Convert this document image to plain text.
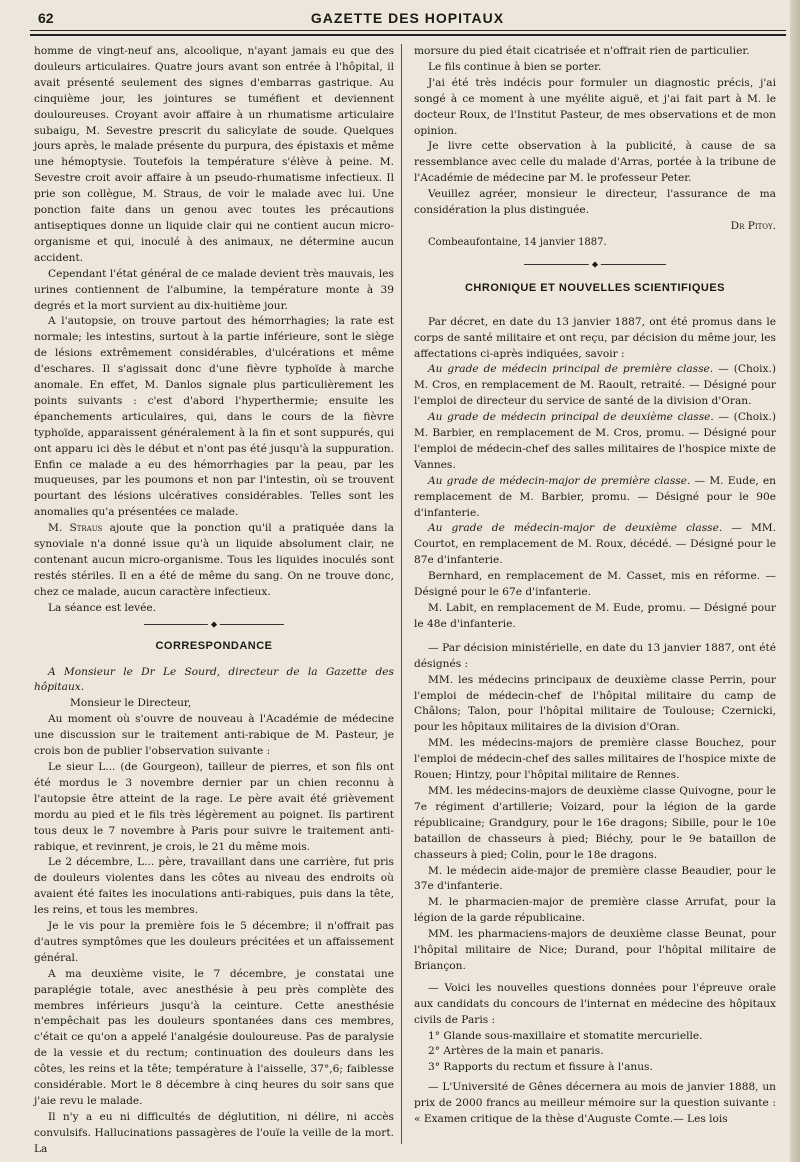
62	GAZETTE DES HOPITAUX

homme de vingt-neuf ans, alcoolique, n'ayant jamais eu que des douleurs articulaires. Quatre jours avant son entrée à l'hôpital, il avait présenté seulement des signes d'embarras gastrique. Au cinquième jour, les jointures se tuméfient et deviennent douloureuses. Croyant avoir affaire à un rhumatisme articulaire subaigu, M. Sevestre prescrit du salicylate de soude. Quelques jours après, le malade présente du purpura, des épistaxis et même une hémoptysie. Toutefois la température s'élève à peine. M. Sevestre croit avoir affaire à un pseudo-rhumatisme infectieux. Il prie son collègue, M. Straus, de voir le malade avec lui. Une ponction faite dans un genou avec toutes les précautions antiseptiques donne un liquide clair qui ne contient aucun micro-organisme et qui, inoculé à des animaux, ne détermine aucun accident.

Cependant l'état général de ce malade devient très mauvais, les urines contiennent de l'albumine, la température monte à 39 degrés et la mort survient au dix-huitième jour.

A l'autopsie, on trouve partout des hémorrhagies; la rate est normale; les intestins, surtout à la partie inférieure, sont le siège de lésions extrêmement considérables, d'ulcérations et même d'eschares. Il s'agissait donc d'une fièvre typhoïde à marche anomale. En effet, M. Danlos signale plus particulièrement les points suivants : c'est d'abord l'hyperthermie; ensuite les épanchements articulaires, qui, dans le cours de la fièvre typhoïde, apparaissent généralement à la fin et sont suppurés, qui ont apparu ici dès le début et n'ont pas été jusqu'à la suppuration. Enfin ce malade a eu des hémorrhagies par la peau, par les muqueuses, par les poumons et non par l'intestin, où se trouvent pourtant des lésions ulcératives considérables. Telles sont les anomalies qu'a présentées ce malade.

M. Straus ajoute que la ponction qu'il a pratiquée dans la synoviale n'a donné issue qu'à un liquide absolument clair, ne contenant aucun micro-organisme. Tous les liquides inoculés sont restés stériles. Il en a été de même du sang. On ne trouve donc, chez ce malade, aucun caractère infectieux.

La séance est levée.

⬥
CORRESPONDANCE

A Monsieur le Dr Le Sourd, directeur de la Gazette des hôpitaux.

Monsieur le Directeur,

Au moment où s'ouvre de nouveau à l'Académie de médecine une discussion sur le traitement anti-rabique de M. Pasteur, je crois bon de publier l'observation suivante :

Le sieur L... (de Gourgeon), tailleur de pierres, et son fils ont été mordus le 3 novembre dernier par un chien reconnu à l'autopsie être atteint de la rage. Le père avait été grièvement mordu au pied et le fils très légèrement au poignet. Ils partirent tous deux le 7 novembre à Paris pour suivre le traitement anti-rabique, et revinrent, je crois, le 21 du même mois.

Le 2 décembre, L... père, travaillant dans une carrière, fut pris de douleurs violentes dans les côtes au niveau des endroits où avaient été faites les inoculations anti-rabiques, puis dans la tête, les reins, et tous les membres.

Je le vis pour la première fois le 5 décembre; il n'offrait pas d'autres symptômes que les douleurs précitées et un affaissement général.

A ma deuxième visite, le 7 décembre, je constatai une paraplégie totale, avec anesthésie à peu près complète des membres inférieurs jusqu'à la ceinture. Cette anesthésie n'empêchait pas les douleurs spontanées dans ces membres, c'était ce qu'on a appelé l'analgésie douloureuse. Pas de paralysie de la vessie et du rectum; continuation des douleurs dans les côtes, les reins et la tête; température à l'aisselle, 37°,6; faiblesse considérable. Mort le 8 décembre à cinq heures du soir sans que j'aie revu le malade.

Il n'y a eu ni difficultés de déglutition, ni délire, ni accès convulsifs. Hallucinations passagères de l'ouïe la veille de la mort. La

morsure du pied était cicatrisée et n'offrait rien de particulier.

Le fils continue à bien se porter.

J'ai été très indécis pour formuler un diagnostic précis, j'ai songé à ce moment à une myélite aiguë, et j'ai fait part à M. le docteur Roux, de l'Institut Pasteur, de mes observations et de mon opinion.

Je livre cette observation à la publicité, à cause de sa ressemblance avec celle du malade d'Arras, portée à la tribune de l'Académie de médecine par M. le professeur Peter.

Veuillez agréer, monsieur le directeur, l'assurance de ma considération la plus distinguée.

Dr Pitoy.

Combeaufontaine, 14 janvier 1887.

⬥
CHRONIQUE ET NOUVELLES SCIENTIFIQUES

Par décret, en date du 13 janvier 1887, ont été promus dans le corps de santé militaire et ont reçu, par décision du même jour, les affectations ci-après indiquées, savoir :

Au grade de médecin principal de première classe. — (Choix.) M. Cros, en remplacement de M. Raoult, retraité. — Désigné pour l'emploi de directeur du service de santé de la division d'Oran.

Au grade de médecin principal de deuxième classe. — (Choix.) M. Barbier, en remplacement de M. Cros, promu. — Désigné pour l'emploi de médecin-chef des salles militaires de l'hospice mixte de Vannes.

Au grade de médecin-major de première classe. — M. Eude, en remplacement de M. Barbier, promu. — Désigné pour le 90e d'infanterie.

Au grade de médecin-major de deuxième classe. — MM. Courtot, en remplacement de M. Roux, décédé. — Désigné pour le 87e d'infanterie.

Bernhard, en remplacement de M. Casset, mis en réforme. — Désigné pour le 67e d'infanterie.

M. Labit, en remplacement de M. Eude, promu. — Désigné pour le 48e d'infanterie.

— Par décision ministérielle, en date du 13 janvier 1887, ont été désignés :

MM. les médecins principaux de deuxième classe Perrin, pour l'emploi de médecin-chef de l'hôpital militaire du camp de Châlons; Talon, pour l'hôpital militaire de Toulouse; Czernicki, pour les hôpitaux militaires de la division d'Oran.

MM. les médecins-majors de première classe Bouchez, pour l'emploi de médecin-chef des salles militaires de l'hospice mixte de Rouen; Hintzy, pour l'hôpital militaire de Rennes.

MM. les médecins-majors de deuxième classe Quivogne, pour le 7e régiment d'artillerie; Voizard, pour la légion de la garde républicaine; Grandgury, pour le 16e dragons; Sibille, pour le 10e bataillon de chasseurs à pied; Biéchy, pour le 9e bataillon de chasseurs à pied; Colin, pour le 18e dragons.

M. le médecin aide-major de première classe Beaudier, pour le 37e d'infanterie.

M. le pharmacien-major de première classe Arrufat, pour la légion de la garde républicaine.

MM. les pharmaciens-majors de deuxième classe Beunat, pour l'hôpital militaire de Nice; Durand, pour l'hôpital militaire de Briançon.

— Voici les nouvelles questions données pour l'épreuve orale aux candidats du concours de l'internat en médecine des hôpitaux civils de Paris :

1° Glande sous-maxillaire et stomatite mercurielle.

2° Artères de la main et panaris.

3° Rapports du rectum et fissure à l'anus.

— L'Université de Gênes décernera au mois de janvier 1888, un prix de 2000 francs au meilleur mémoire sur la question suivante : « Examen critique de la thèse d'Auguste Comte.— Les lois
